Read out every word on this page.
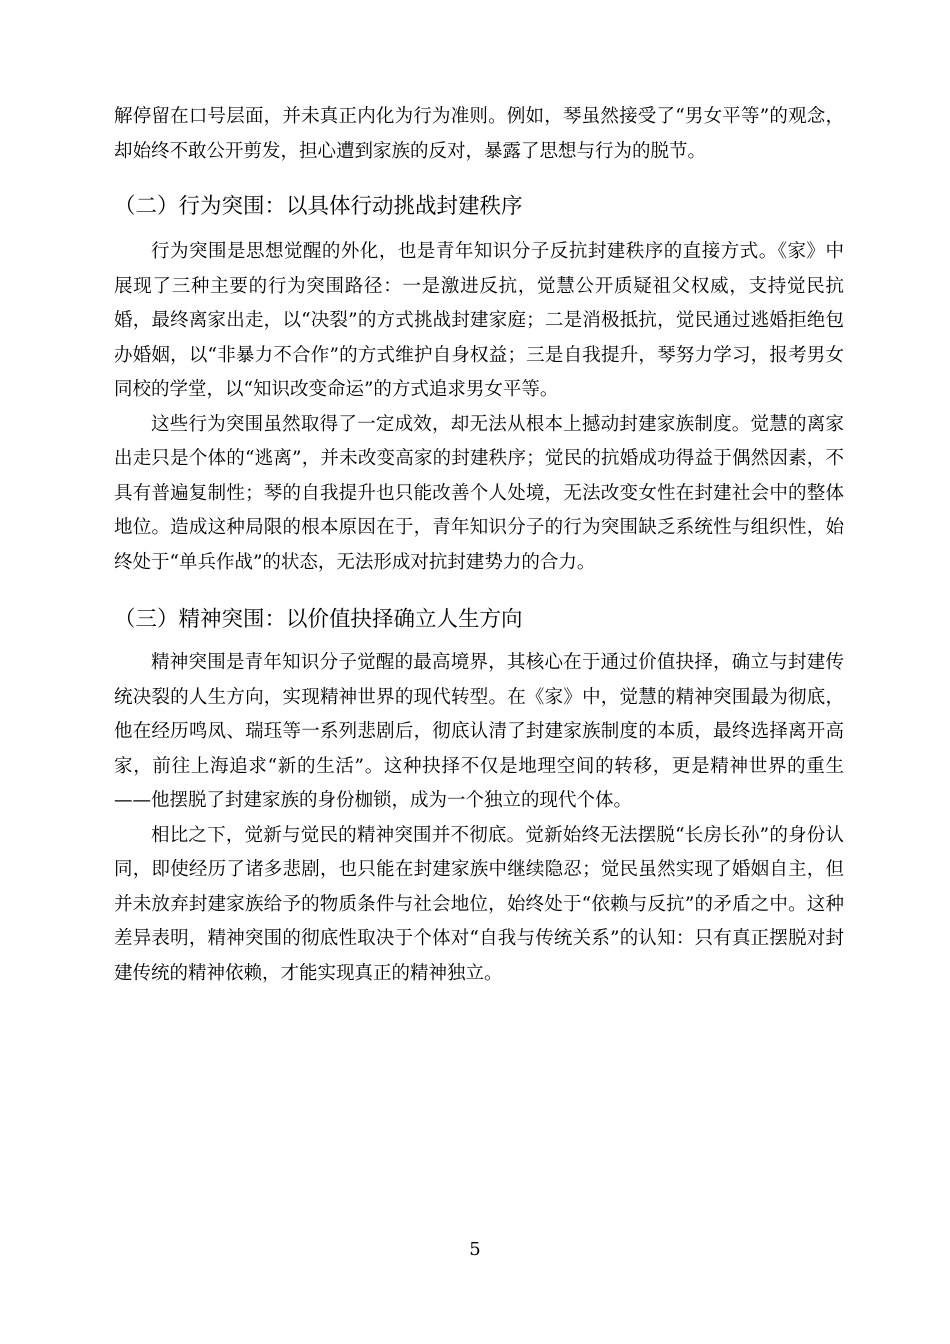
解停留在口号层面，并未真正内化为行为准则。例如，琴虽然接受了“男女平等”的观念，却始终不敢公开剪发，担心遭到家族的反对，暴露了思想与行为的脱节。

（二）行为突围：以具体行动挑战封建秩序

行为突围是思想觉醒的外化，也是青年知识分子反抗封建秩序的直接方式。《家》中展现了三种主要的行为突围路径：一是激进反抗，觉慧公开质疑祖父权威，支持觉民抗婚，最终离家出走，以“决裂”的方式挑战封建家庭；二是消极抵抗，觉民通过逃婚拒绝包办婚姻，以“非暴力不合作”的方式维护自身权益；三是自我提升，琴努力学习，报考男女同校的学堂，以“知识改变命运”的方式追求男女平等。

这些行为突围虽然取得了一定成效，却无法从根本上撼动封建家族制度。觉慧的离家出走只是个体的“逃离”，并未改变高家的封建秩序；觉民的抗婚成功得益于偶然因素，不具有普遍复制性；琴的自我提升也只能改善个人处境，无法改变女性在封建社会中的整体地位。造成这种局限的根本原因在于，青年知识分子的行为突围缺乏系统性与组织性，始终处于“单兵作战”的状态，无法形成对抗封建势力的合力。

（三）精神突围：以价值抉择确立人生方向

精神突围是青年知识分子觉醒的最高境界，其核心在于通过价值抉择，确立与封建传统决裂的人生方向，实现精神世界的现代转型。在《家》中，觉慧的精神突围最为彻底，他在经历鸣凤、瑞珏等一系列悲剧后，彻底认清了封建家族制度的本质，最终选择离开高家，前往上海追求“新的生活”。这种抉择不仅是地理空间的转移，更是精神世界的重生——他摆脱了封建家族的身份枷锁，成为一个独立的现代个体。

相比之下，觉新与觉民的精神突围并不彻底。觉新始终无法摆脱“长房长孙”的身份认同，即使经历了诸多悲剧，也只能在封建家族中继续隐忍；觉民虽然实现了婚姻自主，但并未放弃封建家族给予的物质条件与社会地位，始终处于“依赖与反抗”的矛盾之中。这种差异表明，精神突围的彻底性取决于个体对“自我与传统关系”的认知：只有真正摆脱对封建传统的精神依赖，才能实现真正的精神独立。

5
